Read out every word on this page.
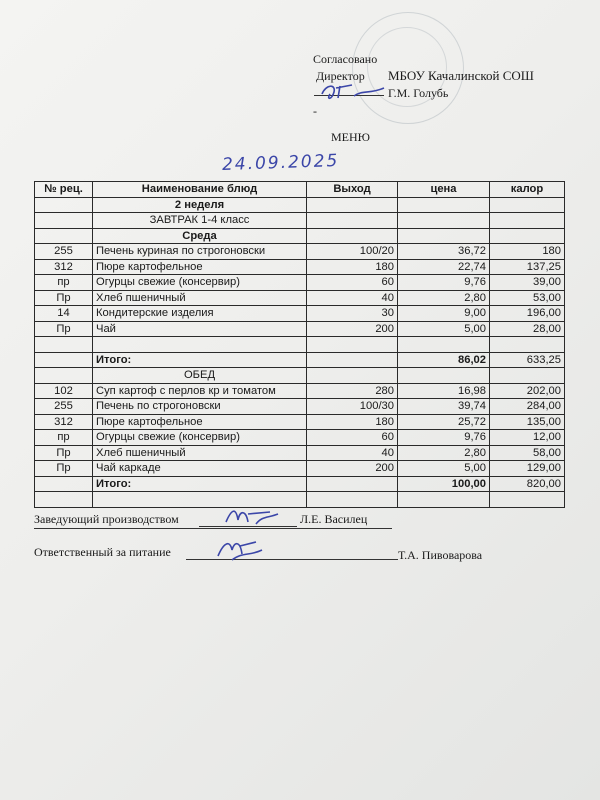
Согласовано
Директор МБОУ Качалинской СОШ
Г.М. Голубь
-
МЕНЮ
24.09.2025
№ рец.	Наименование блюд	Выход	цена	калор
	2 неделя			
	ЗАВТРАК 1-4 класс			
	Среда			
255	Печень куриная по строгоновски	100/20	36,72	180
312	Пюре картофельное	180	22,74	137,25
пр	Огурцы свежие (консервир)	60	9,76	39,00
Пр	Хлеб пшеничный	40	2,80	53,00
14	Кондитерские изделия	30	9,00	196,00
Пр	Чай	200	5,00	28,00

	Итого:		86,02	633,25
	ОБЕД			
102	Суп картоф с перлов кр и томатом	280	16,98	202,00
255	Печень по строгоновски	100/30	39,74	284,00
312	Пюре картофельное	180	25,72	135,00
пр	Огурцы свежие (консервир)	60	9,76	12,00
Пр	Хлеб пшеничный	40	2,80	58,00
Пр	Чай каркаде	200	5,00	129,00
	Итого:		100,00	820,00

Заведующий производством	Л.Е. Василец
Ответственный за питание	Т.А. Пивоварова
